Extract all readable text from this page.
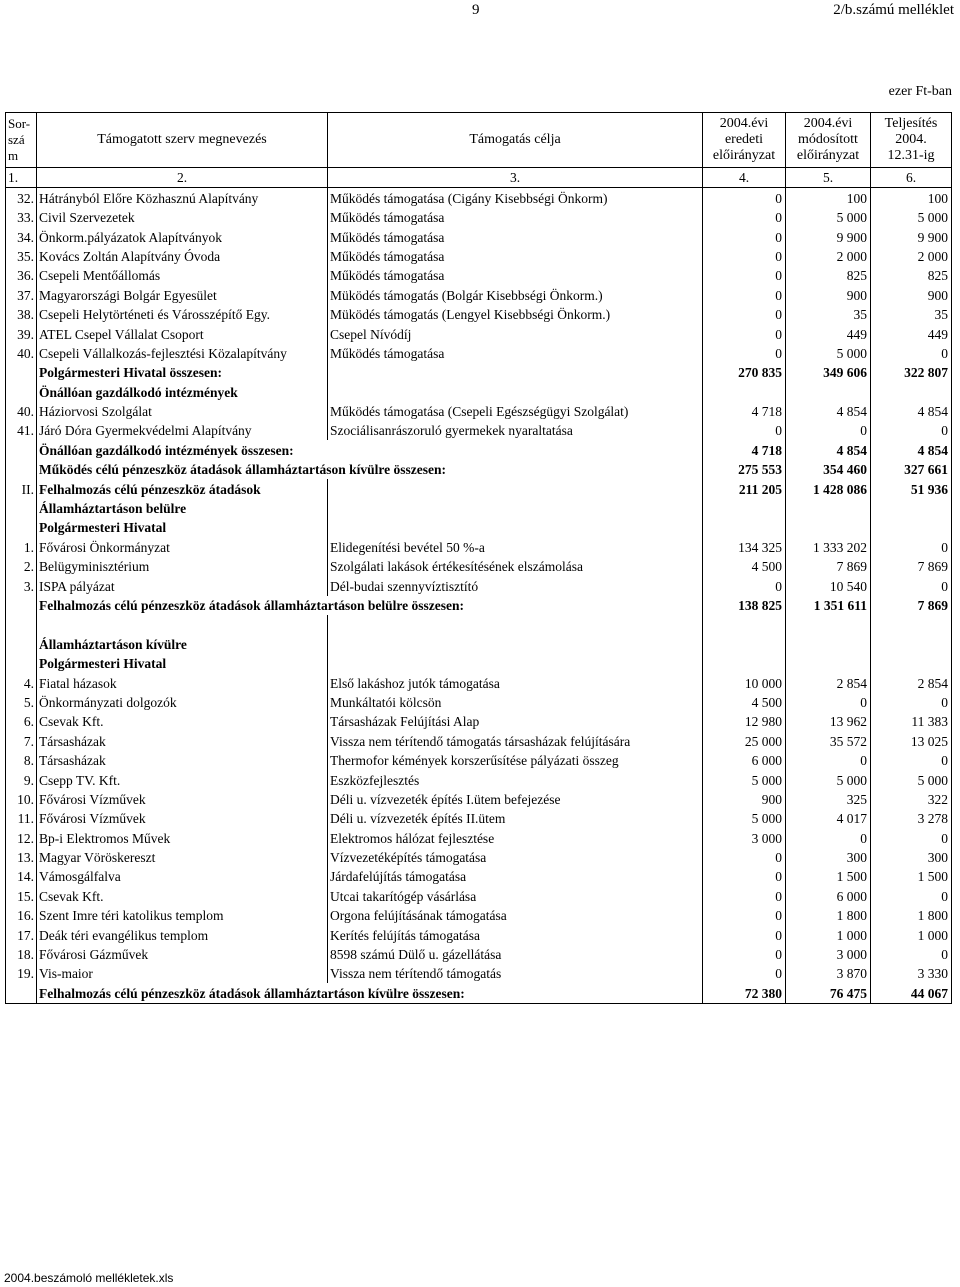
9	2/b.számú melléklet
ezer Ft-ban
Sor-
szá
m	Támogatott szerv megnevezés	Támogatás célja	2004.évi
eredeti
előirányzat	2004.évi
módosított
előirányzat	Teljesítés
2004.
12.31-ig
1.	2.	3.	4.	5.	6.
32.	Hátrányból Előre Közhasznú Alapítvány	Működés támogatása (Cigány Kisebbségi Önkorm)	0	100	100
33.	Civil Szervezetek	Működés támogatása	0	5 000	5 000
34.	Önkorm.pályázatok Alapítványok	Működés támogatása	0	9 900	9 900
35.	Kovács Zoltán Alapítvány Óvoda	Működés támogatása	0	2 000	2 000
36.	Csepeli Mentőállomás	Működés támogatása	0	825	825
37.	Magyarországi Bolgár Egyesület	Müködés támogatás (Bolgár Kisebbségi Önkorm.)	0	900	900
38.	Csepeli Helytörténeti és Városszépítő Egy.	Müködés támogatás (Lengyel Kisebbségi Önkorm.)	0	35	35
39.	ATEL Csepel Vállalat Csoport	Csepel Nívódíj	0	449	449
40.	Csepeli Vállalkozás-fejlesztési Közalapítvány	Működés támogatása	0	5 000	0
	Polgármesteri Hivatal összesen:		270 835	349 606	322 807
	Önállóan gazdálkodó intézmények				
40.	Háziorvosi Szolgálat	Működés támogatása (Csepeli Egészségügyi Szolgálat)	4 718	4 854	4 854
41.	Járó Dóra Gyermekvédelmi Alapítvány	Szociálisanrászoruló gyermekek nyaraltatása	0	0	0
	Önállóan gazdálkodó intézmények összesen:		4 718	4 854	4 854
	Működés célú pénzeszköz átadások államháztartáson kívülre összesen:		275 553	354 460	327 661
II.	Felhalmozás célú pénzeszköz átadások		211 205	1 428 086	51 936
	Államháztartáson belülre				
	Polgármesteri Hivatal				
1.	Fővárosi Önkormányzat	Elidegenítési bevétel 50 %-a	134 325	1 333 202	0
2.	Belügyminisztérium	Szolgálati lakások értékesítésének elszámolása	4 500	7 869	7 869
3.	ISPA pályázat	Dél-budai szennyvíztisztító	0	10 540	0
	Felhalmozás célú pénzeszköz átadások államháztartáson belülre összesen:		138 825	1 351 611	7 869

	Államháztartáson kívülre				
	Polgármesteri Hivatal				
4.	Fiatal házasok	Első lakáshoz jutók támogatása	10 000	2 854	2 854
5.	Önkormányzati dolgozók	Munkáltatói kölcsön	4 500	0	0
6.	Csevak Kft.	Társasházak Felújítási Alap	12 980	13 962	11 383
7.	Társasházak	Vissza nem térítendő támogatás társasházak felújítására	25 000	35 572	13 025
8.	Társasházak	Thermofor kémények korszerűsítése pályázati összeg	6 000	0	0
9.	Csepp TV. Kft.	Eszközfejlesztés	5 000	5 000	5 000
10.	Fővárosi Vízművek	Déli u. vízvezeték építés I.ütem befejezése	900	325	322
11.	Fővárosi Vízművek	Déli u. vízvezeték építés II.ütem	5 000	4 017	3 278
12.	Bp-i Elektromos Művek	Elektromos hálózat fejlesztése	3 000	0	0
13.	Magyar Vöröskereszt	Vízvezetéképítés támogatása	0	300	300
14.	Vámosgálfalva	Járdafelújítás támogatása	0	1 500	1 500
15.	Csevak Kft.	Utcai takarítógép vásárlása	0	6 000	0
16.	Szent Imre téri katolikus templom	Orgona felújításának támogatása	0	1 800	1 800
17.	Deák téri evangélikus templom	Kerítés felújítás támogatása	0	1 000	1 000
18.	Fővárosi Gázművek	8598 számú Dülő u. gázellátása	0	3 000	0
19.	Vis-maior	Vissza nem térítendő támogatás	0	3 870	3 330
	Felhalmozás célú pénzeszköz átadások államháztartáson kívülre összesen:		72 380	76 475	44 067
2004.beszámoló mellékletek.xls
